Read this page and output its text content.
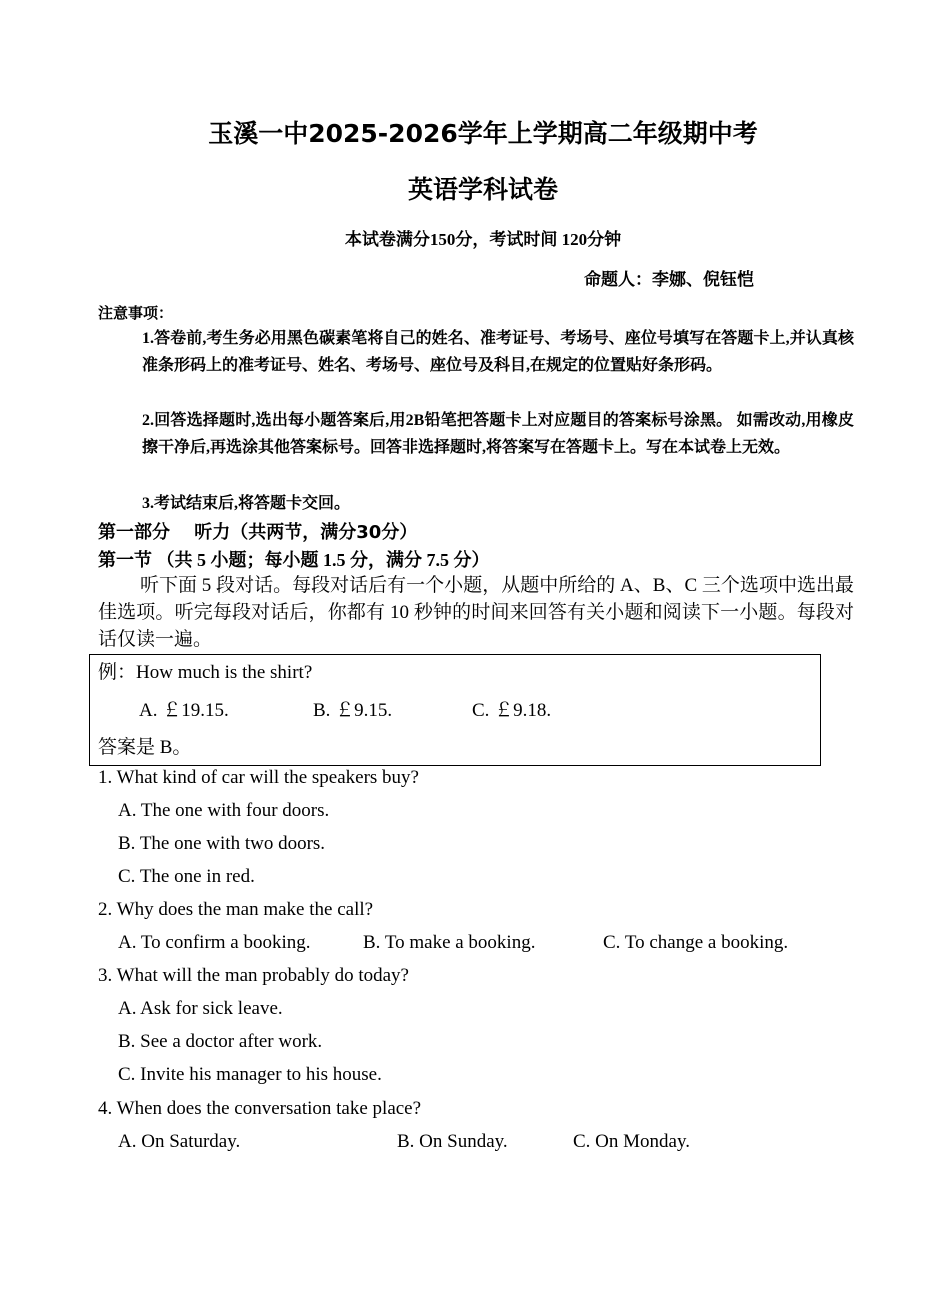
玉溪一中2025-2026学年上学期高二年级期中考
英语学科试卷
本试卷满分150分，考试时间 120分钟
命题人：李娜、倪钰恺
注意事项：
1.答卷前,考生务必用黑色碳素笔将自己的姓名、准考证号、考场号、座位号填写在答题卡上,并认真核准条形码上的准考证号、姓名、考场号、座位号及科目,在规定的位置贴好条形码。
2.回答选择题时,选出每小题答案后,用2B铅笔把答题卡上对应题目的答案标号涂黑。 如需改动,用橡皮擦干净后,再选涂其他答案标号。回答非选择题时,将答案写在答题卡上。写在本试卷上无效。
3.考试结束后,将答题卡交回。
第一部分　 听力（共两节，满分30分）
第一节 （共 5 小题；每小题 1.5 分，满分 7.5 分）
听下面 5 段对话。每段对话后有一个小题，从题中所给的 A、B、C 三个选项中选出最佳选项。听完每段对话后，你都有 10 秒钟的时间来回答有关小题和阅读下一小题。每段对话仅读一遍。
例：How much is the shirt?
A. ￡19.15.	B. ￡9.15.	C. ￡9.18.
答案是 B。
1. What kind of car will the speakers buy?
A. The one with four doors.
B. The one with two doors.
C. The one in red.
2. Why does the man make the call?
A. To confirm a booking.	B. To make a booking.	C. To change a booking.
3. What will the man probably do today?
A. Ask for sick leave.
B. See a doctor after work.
C. Invite his manager to his house.
4. When does the conversation take place?
A. On Saturday.	B. On Sunday.	C. On Monday.
